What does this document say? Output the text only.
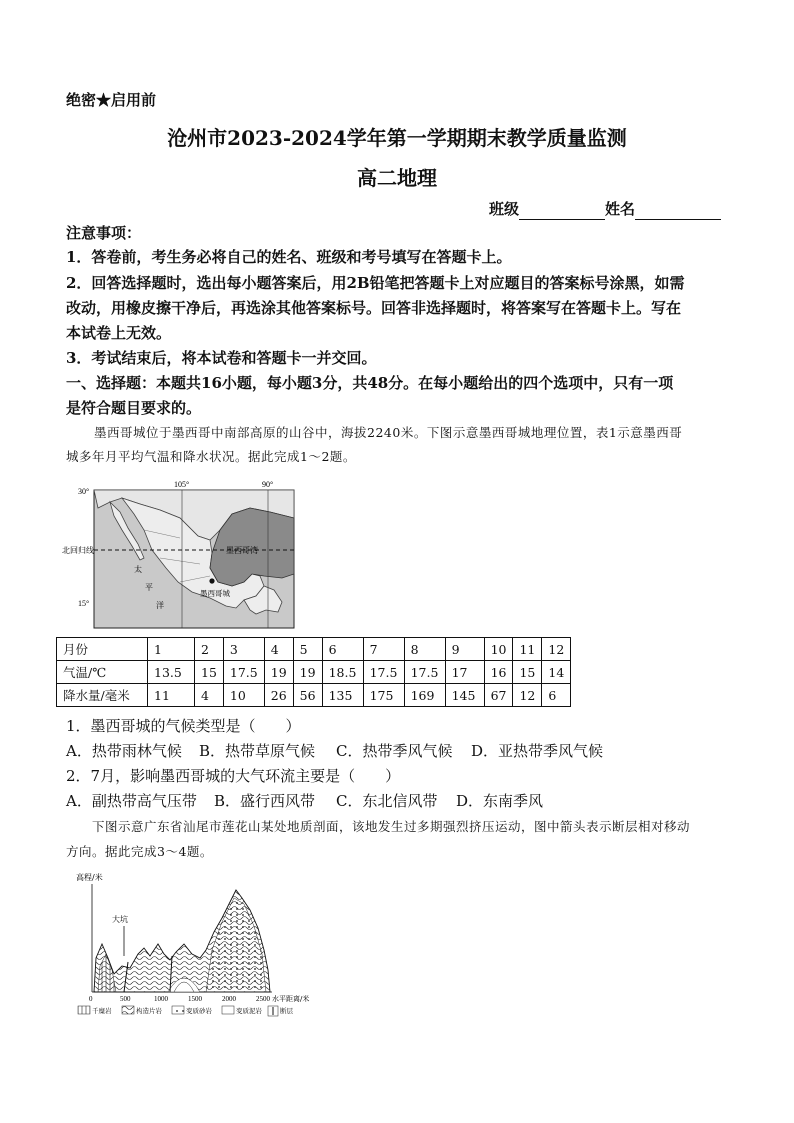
绝密★启用前
沧州市2023-2024学年第一学期期末教学质量监测
高二地理
班级	姓名
注意事项：
1．答卷前，考生务必将自己的姓名、班级和考号填写在答题卡上。
2．回答选择题时，选出每小题答案后，用2B铅笔把答题卡上对应题目的答案标号涂黑，如需
改动，用橡皮擦干净后，再选涂其他答案标号。回答非选择题时，将答案写在答题卡上。写在
本试卷上无效。
3．考试结束后，将本试卷和答题卡一并交回。
一、选择题：本题共16小题，每小题3分，共48分。在每小题给出的四个选项中，只有一项
是符合题目要求的。
墨西哥城位于墨西哥中南部高原的山谷中，海拔2240米。下图示意墨西哥城地理位置，表1示意墨西哥
城多年月平均气温和降水状况。据此完成1～2题。
105°	90°
30°
15°
北回归线	墨西哥湾
太
平
洋
墨西哥城
月份	1	2	3	4	5	6	7	8	9	10	11	12
气温/℃	13.5	15	17.5	19	19	18.5	17.5	17.5	17	16	15	14
降水量/毫米	11	4	10	26	56	135	175	169	145	67	12	6
1．墨西哥城的气候类型是（　　）
A．热带雨林气候 B．热带草原气候 C．热带季风气候 D．亚热带季风气候
2．7月，影响墨西哥城的大气环流主要是（　　）
A．副热带高气压带 B．盛行西风带 C．东北信风带 D．东南季风
下图示意广东省汕尾市莲花山某处地质剖面，该地发生过多期强烈挤压运动，图中箭头表示断层相对移动
方向。据此完成3～4题。
高程/米
大坑
0	500	1000	1500	2000	2500 水平距离/米
千糜岩	构造片岩	变质砂岩	变质泥岩	断层
